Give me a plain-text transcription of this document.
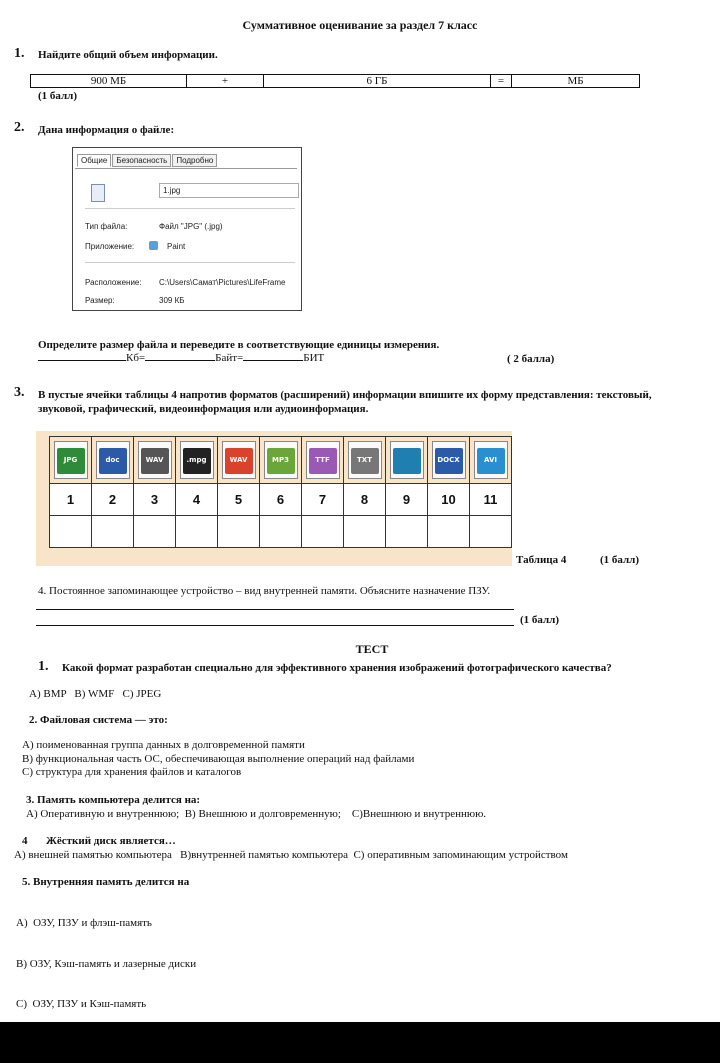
Суммативное оценивание за раздел 7 класс
1. Найдите общий объем информации.
900 МБ	+	6 ГБ	=	МБ
(1 балл)
2. Дана информация о файле:
Общие Безопасность Подробно
1.jpg
Тип файла:	Файл "JPG" (.jpg)
Приложение:	Paint
Расположение: C:\Users\Самат\Pictures\LifeFrame
Размер:	309 КБ
Определите размер файла и переведите в соответствующие единицы измерения.
Кб=	Байт=	БИТ	( 2 балла)
3. В пустые ячейки таблицы 4 напротив форматов (расширений) информации впишите их форму представления: текстовый, звуковой, графический, видеоинформация или аудиоинформация.
JPG	doc	WAV	.mpg	WAV	MP3	TTF	TXT		DOCX	AVI

1	2	3	4	5	6	7	8	9	10	11

Таблица 4	(1 балл)
4. Постоянное запоминающее устройство – вид внутренней памяти. Объясните назначение ПЗУ.
(1 балл)
ТЕСТ
1. Какой формат разработан специально для эффективного хранения изображений фотографического качества?
A) BMP   B) WMF   C) JPEG
2. Файловая система — это:
А) поименованная группа данных в долговременной памяти
В) функциональная часть ОС, обеспечивающая выполнение операций над файлами
С) структура для хранения файлов и каталогов
3. Память компьютера делится на:
А) Оперативную и внутреннюю;  В) Внешнюю и долговременную;    С)Внешнюю и внутреннюю.
4 Жёсткий диск является…
А) внешней памятью компьютера   В)внутренней памятью компьютера  С) оперативным запоминающим устройством
5. Внутренняя память делится на

А)  ОЗУ, ПЗУ и флэш-память

В) ОЗУ, Кэш-память и лазерные диски

С)  ОЗУ, ПЗУ и Кэш-память
